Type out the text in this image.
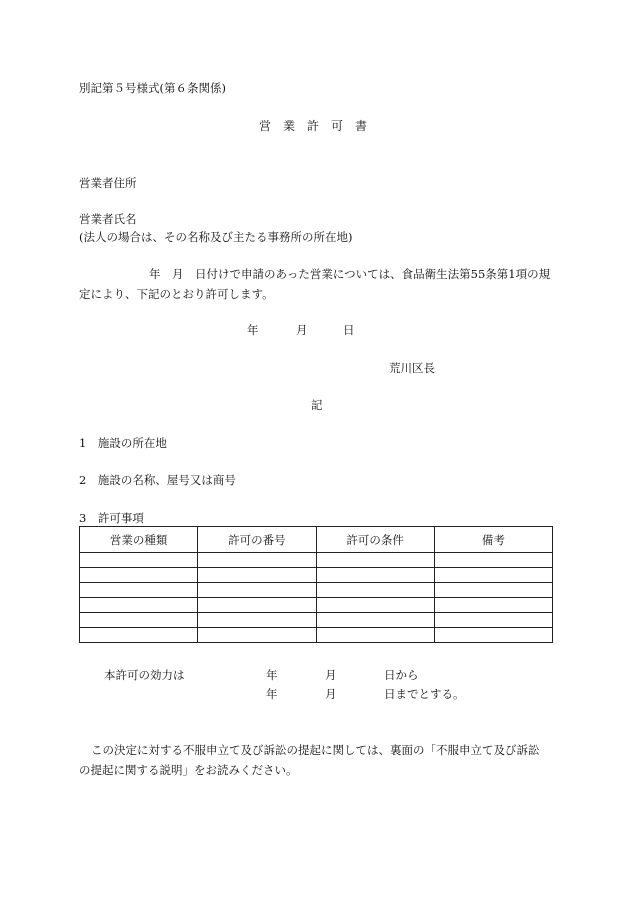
別記第５号様式(第６条関係)
営　業　許　可　書
営業者住所
営業者氏名
(法人の場合は、その名称及び主たる事務所の所在地)
年　月　日付けで申請のあった営業については、食品衛生法第55条第1項の規
定により、下記のとおり許可します。
年	月	日
荒川区長
記
1　施設の所在地
2　施設の名称、屋号又は商号
3　許可事項
営業の種類	許可の番号	許可の条件	備考

本許可の効力は	年	月	日から
年	月	日までとする。
この決定に対する不服申立て及び訴訟の提起に関しては、裏面の「不服申立て及び訴訟
の提起に関する説明」をお読みください。
